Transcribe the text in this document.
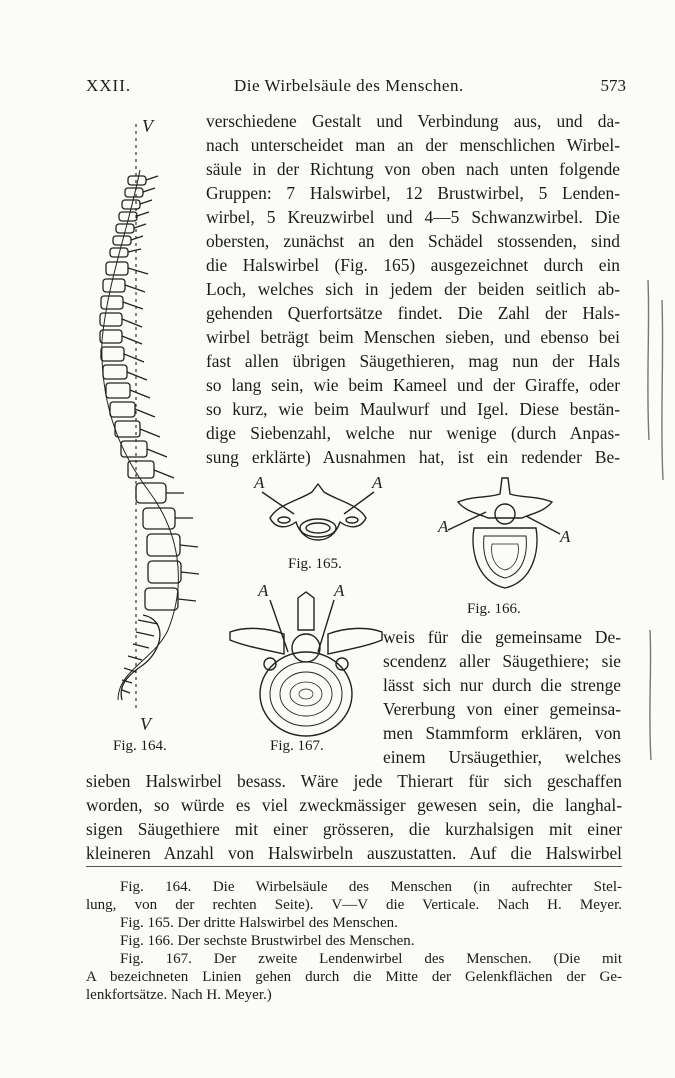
XXII.	Die Wirbelsäule des Menschen.	573
V
V
Fig. 164.
verschiedene Gestalt und Verbindung aus, und da-
nach unterscheidet man an der menschlichen Wirbel-
säule in der Richtung von oben nach unten folgende
Gruppen: 7 Halswirbel, 12 Brustwirbel, 5 Lenden-
wirbel, 5 Kreuzwirbel und 4—5 Schwanzwirbel. Die
obersten, zunächst an den Schädel stossenden, sind
die Halswirbel (Fig. 165) ausgezeichnet durch ein
Loch, welches sich in jedem der beiden seitlich ab-
gehenden Querfortsätze findet. Die Zahl der Hals-
wirbel beträgt beim Menschen sieben, und ebenso bei
fast allen übrigen Säugethieren, mag nun der Hals
so lang sein, wie beim Kameel und der Giraffe, oder
so kurz, wie beim Maulwurf und Igel. Diese bestän-
dige Siebenzahl, welche nur wenige (durch Anpas-
sung erklärte) Ausnahmen hat, ist ein redender Be-
A	A
Fig. 165.
A
A
Fig. 166.
A	A
Fig. 167.
weis für die gemeinsame De-
scendenz aller Säugethiere; sie
lässt sich nur durch die strenge
Vererbung von einer gemeinsa-
men Stammform erklären, von
einem Ursäugethier, welches
sieben Halswirbel besass. Wäre jede Thierart für sich geschaffen
worden, so würde es viel zweckmässiger gewesen sein, die langhal-
sigen Säugethiere mit einer grösseren, die kurzhalsigen mit einer
kleineren Anzahl von Halswirbeln auszustatten. Auf die Halswirbel
Fig. 164. Die Wirbelsäule des Menschen (in aufrechter Stel-
lung, von der rechten Seite). V—V die Verticale. Nach H. Meyer.
Fig. 165. Der dritte Halswirbel des Menschen.
Fig. 166. Der sechste Brustwirbel des Menschen.
Fig. 167. Der zweite Lendenwirbel des Menschen. (Die mit
A bezeichneten Linien gehen durch die Mitte der Gelenkflächen der Ge-
lenkfortsätze. Nach H. Meyer.)
